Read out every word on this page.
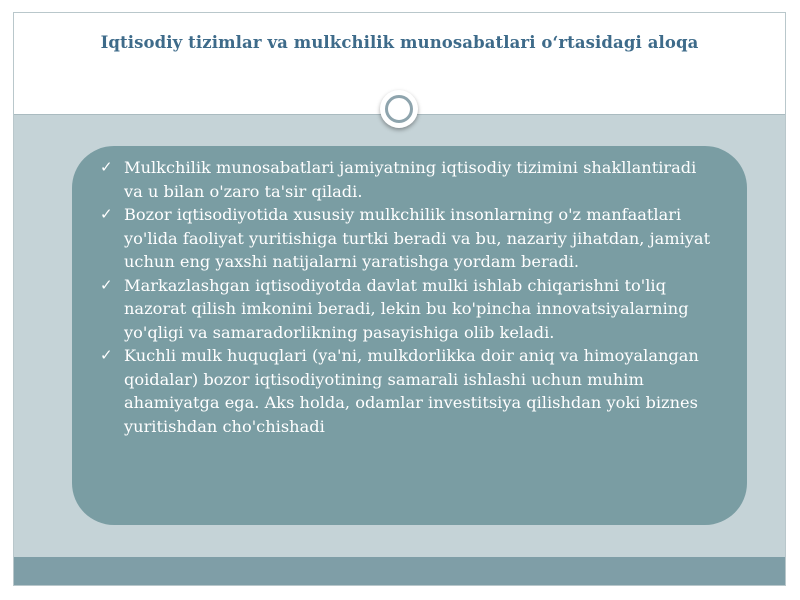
Iqtisodiy tizimlar va mulkchilik munosabatlari oʻrtasidagi aloqa
✓ Mulkchilik munosabatlari jamiyatning iqtisodiy tizimini shakllantiradi va u bilan o'zaro ta'sir qiladi.
✓ Bozor iqtisodiyotida xususiy mulkchilik insonlarning o'z manfaatlari yo'lida faoliyat yuritishiga turtki beradi va bu, nazariy jihatdan, jamiyat uchun eng yaxshi natijalarni yaratishga yordam beradi.
✓ Markazlashgan iqtisodiyotda davlat mulki ishlab chiqarishni to'liq nazorat qilish imkonini beradi, lekin bu ko'pincha innovatsiyalarning yo'qligi va samaradorlikning pasayishiga olib keladi.
✓ Kuchli mulk huquqlari (ya'ni, mulkdorlikka doir aniq va himoyalangan qoidalar) bozor iqtisodiyotining samarali ishlashi uchun muhim ahamiyatga ega. Aks holda, odamlar investitsiya qilishdan yoki biznes yuritishdan cho'chishadi
